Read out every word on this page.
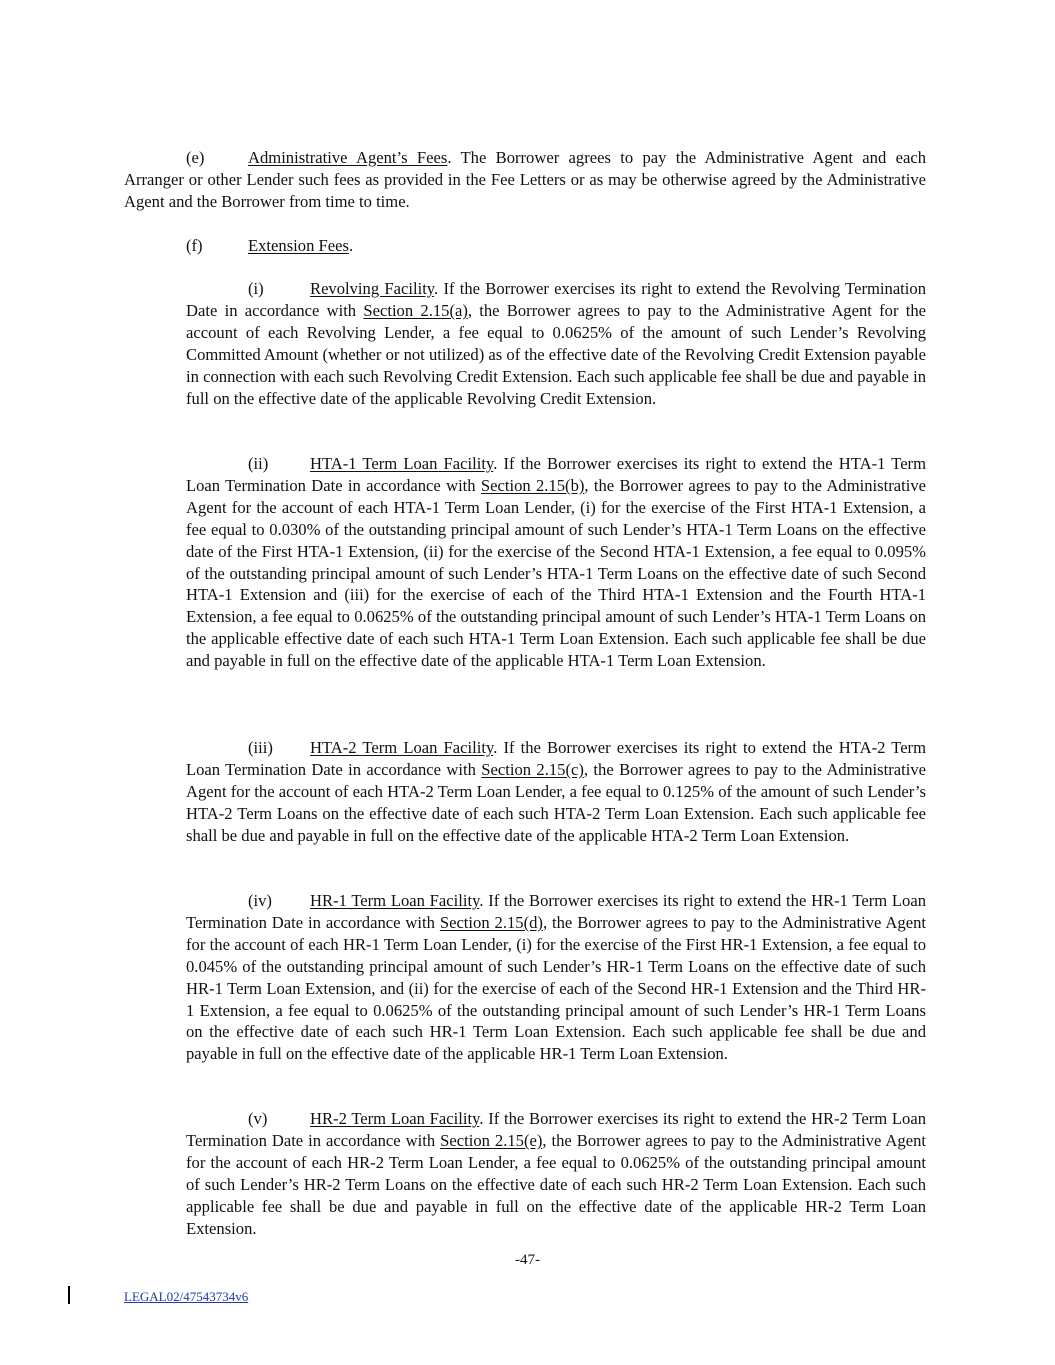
(e)	Administrative Agent’s Fees. The Borrower agrees to pay the Administrative Agent and each Arranger or other Lender such fees as provided in the Fee Letters or as may be otherwise agreed by the Administrative Agent and the Borrower from time to time.

(f)	Extension Fees.

(i)	Revolving Facility. If the Borrower exercises its right to extend the Revolving Termination Date in accordance with Section 2.15(a), the Borrower agrees to pay to the Administrative Agent for the account of each Revolving Lender, a fee equal to 0.0625% of the amount of such Lender’s Revolving Committed Amount (whether or not utilized) as of the effective date of the Revolving Credit Extension payable in connection with each such Revolving Credit Extension. Each such applicable fee shall be due and payable in full on the effective date of the applicable Revolving Credit Extension.

(ii)	HTA-1 Term Loan Facility. If the Borrower exercises its right to extend the HTA-1 Term Loan Termination Date in accordance with Section 2.15(b), the Borrower agrees to pay to the Administrative Agent for the account of each HTA-1 Term Loan Lender, (i) for the exercise of the First HTA-1 Extension, a fee equal to 0.030% of the outstanding principal amount of such Lender’s HTA-1 Term Loans on the effective date of the First HTA-1 Extension, (ii) for the exercise of the Second HTA-1 Extension, a fee equal to 0.095% of the outstanding principal amount of such Lender’s HTA-1 Term Loans on the effective date of such Second HTA-1 Extension and (iii) for the exercise of each of the Third HTA-1 Extension and the Fourth HTA-1 Extension, a fee equal to 0.0625% of the outstanding principal amount of such Lender’s HTA-1 Term Loans on the applicable effective date of each such HTA-1 Term Loan Extension. Each such applicable fee shall be due and payable in full on the effective date of the applicable HTA-1 Term Loan Extension.

(iii) HTA-2 Term Loan Facility. If the Borrower exercises its right to extend the HTA-2 Term Loan Termination Date in accordance with Section 2.15(c), the Borrower agrees to pay to the Administrative Agent for the account of each HTA-2 Term Loan Lender, a fee equal to 0.125% of the amount of such Lender’s HTA-2 Term Loans on the effective date of each such HTA-2 Term Loan Extension. Each such applicable fee shall be due and payable in full on the effective date of the applicable HTA-2 Term Loan Extension.

(iv) HR-1 Term Loan Facility. If the Borrower exercises its right to extend the HR-1 Term Loan Termination Date in accordance with Section 2.15(d), the Borrower agrees to pay to the Administrative Agent for the account of each HR-1 Term Loan Lender, (i) for the exercise of the First HR-1 Extension, a fee equal to 0.045% of the outstanding principal amount of such Lender’s HR-1 Term Loans on the effective date of such HR-1 Term Loan Extension, and (ii) for the exercise of each of the Second HR-1 Extension and the Third HR-1 Extension, a fee equal to 0.0625% of the outstanding principal amount of such Lender’s HR-1 Term Loans on the effective date of each such HR-1 Term Loan Extension. Each such applicable fee shall be due and payable in full on the effective date of the applicable HR-1 Term Loan Extension.

(v)	HR-2 Term Loan Facility. If the Borrower exercises its right to extend the HR-2 Term Loan Termination Date in accordance with Section 2.15(e), the Borrower agrees to pay to the Administrative Agent for the account of each HR-2 Term Loan Lender, a fee equal to 0.0625% of the outstanding principal amount of such Lender’s HR-2 Term Loans on the effective date of each such HR-2 Term Loan Extension. Each such applicable fee shall be due and payable in full on the effective date of the applicable HR-2 Term Loan Extension.

-47-
LEGAL02/47543734v6
